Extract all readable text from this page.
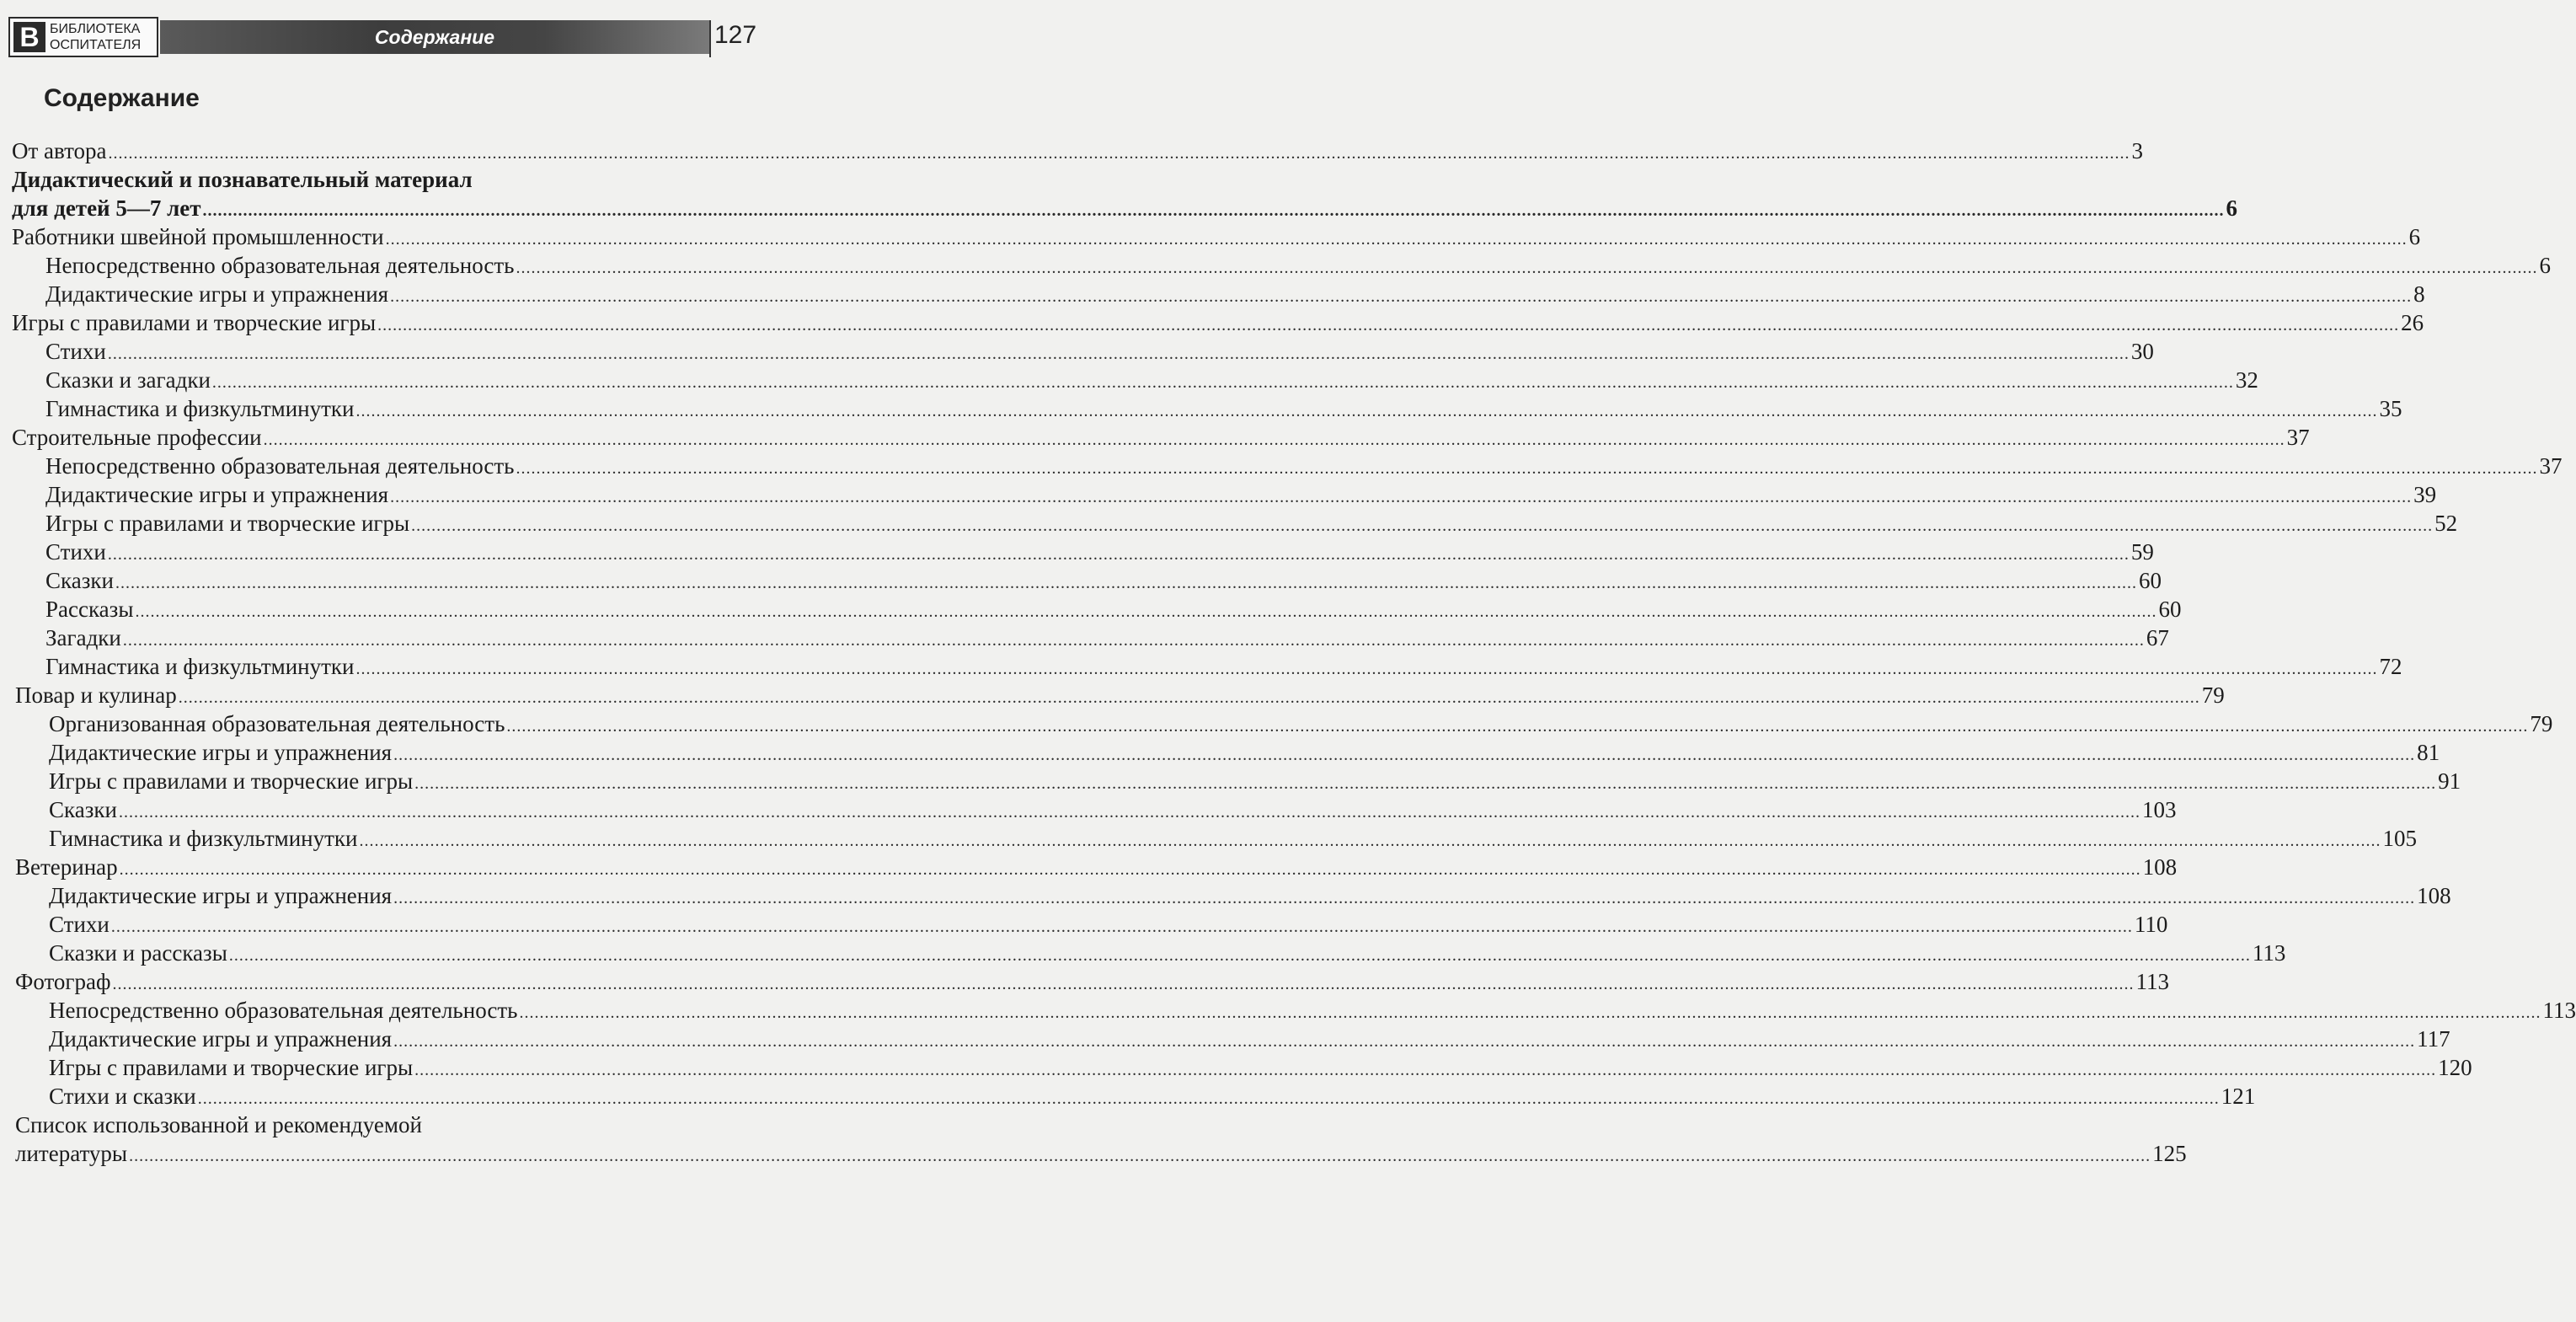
B БИБЛИОТЕКА
ОСПИТАТЕЛЯ	Содержание	127
Содержание
От автора ................................................................................................................................................................................................................................................................................................................................................................................................................ 3
Дидактический и познавательный материал
для детей 5—7 лет ................................................................................................................................................................................................................................................................................................................................................................................................................ 6
Работники швейной промышленности ................................................................................................................................................................................................................................................................................................................................................................................................................ 6
Непосредственно образовательная деятельность ................................................................................................................................................................................................................................................................................................................................................................................................................ 6
Дидактические игры и упражнения ................................................................................................................................................................................................................................................................................................................................................................................................................ 8
Игры с правилами и творческие игры ................................................................................................................................................................................................................................................................................................................................................................................................................ 26
Стихи ................................................................................................................................................................................................................................................................................................................................................................................................................ 30
Сказки и загадки ................................................................................................................................................................................................................................................................................................................................................................................................................ 32
Гимнастика и физкультминутки ................................................................................................................................................................................................................................................................................................................................................................................................................ 35
Строительные профессии ................................................................................................................................................................................................................................................................................................................................................................................................................ 37
Непосредственно образовательная деятельность ................................................................................................................................................................................................................................................................................................................................................................................................................ 37
Дидактические игры и упражнения ................................................................................................................................................................................................................................................................................................................................................................................................................ 39
Игры с правилами и творческие игры ................................................................................................................................................................................................................................................................................................................................................................................................................ 52
Стихи ................................................................................................................................................................................................................................................................................................................................................................................................................ 59
Сказки ................................................................................................................................................................................................................................................................................................................................................................................................................ 60
Рассказы ................................................................................................................................................................................................................................................................................................................................................................................................................ 60
Загадки ................................................................................................................................................................................................................................................................................................................................................................................................................ 67
Гимнастика и физкультминутки ................................................................................................................................................................................................................................................................................................................................................................................................................ 72
Повар и кулинар ................................................................................................................................................................................................................................................................................................................................................................................................................ 79
Организованная образовательная деятельность ................................................................................................................................................................................................................................................................................................................................................................................................................ 79
Дидактические игры и упражнения ................................................................................................................................................................................................................................................................................................................................................................................................................ 81
Игры с правилами и творческие игры ................................................................................................................................................................................................................................................................................................................................................................................................................ 91
Сказки ................................................................................................................................................................................................................................................................................................................................................................................................................ 103
Гимнастика и физкультминутки ................................................................................................................................................................................................................................................................................................................................................................................................................ 105
Ветеринар ................................................................................................................................................................................................................................................................................................................................................................................................................ 108
Дидактические игры и упражнения ................................................................................................................................................................................................................................................................................................................................................................................................................ 108
Стихи ................................................................................................................................................................................................................................................................................................................................................................................................................ 110
Сказки и рассказы ................................................................................................................................................................................................................................................................................................................................................................................................................ 113
Фотограф ................................................................................................................................................................................................................................................................................................................................................................................................................ 113
Непосредственно образовательная деятельность ................................................................................................................................................................................................................................................................................................................................................................................................................ 113
Дидактические игры и упражнения ................................................................................................................................................................................................................................................................................................................................................................................................................ 117
Игры с правилами и творческие игры ................................................................................................................................................................................................................................................................................................................................................................................................................ 120
Стихи и сказки ................................................................................................................................................................................................................................................................................................................................................................................................................ 121
Список использованной и рекомендуемой
литературы ................................................................................................................................................................................................................................................................................................................................................................................................................ 125
